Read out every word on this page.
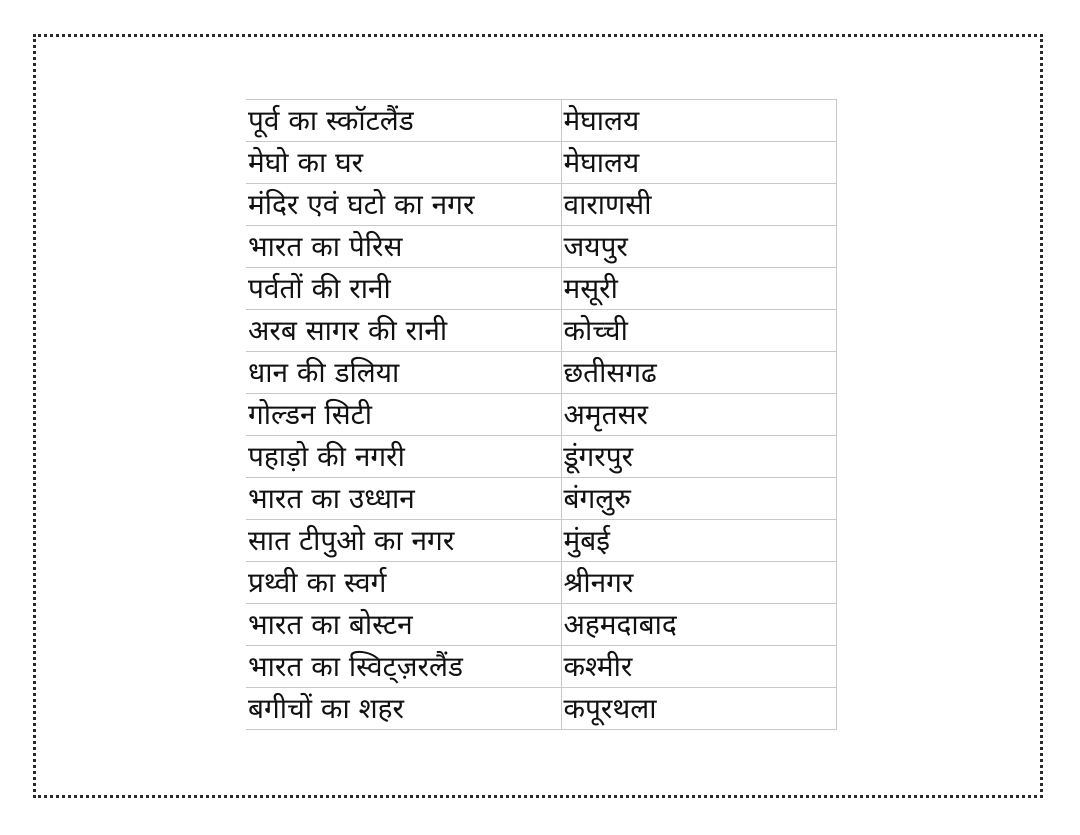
पूर्व का स्कॉटलैंड	मेघालय
मेघो का घर	मेघालय
मंदिर एवं घटो का नगर	वाराणसी
भारत का पेरिस	जयपुर
पर्वतों की रानी	मसूरी
अरब सागर की रानी	कोच्ची
धान की डलिया	छतीसगढ
गोल्डन सिटी	अमृतसर
पहाड़ो की नगरी	डूंगरपुर
भारत का उध्धान	बंगलुरु
सात टीपुओ का नगर	मुंबई
प्रथ्वी का स्वर्ग	श्रीनगर
भारत का बोस्टन	अहमदाबाद
भारत का स्विट्ज़रलैंड	कश्मीर
बगीचों का शहर	कपूरथला
